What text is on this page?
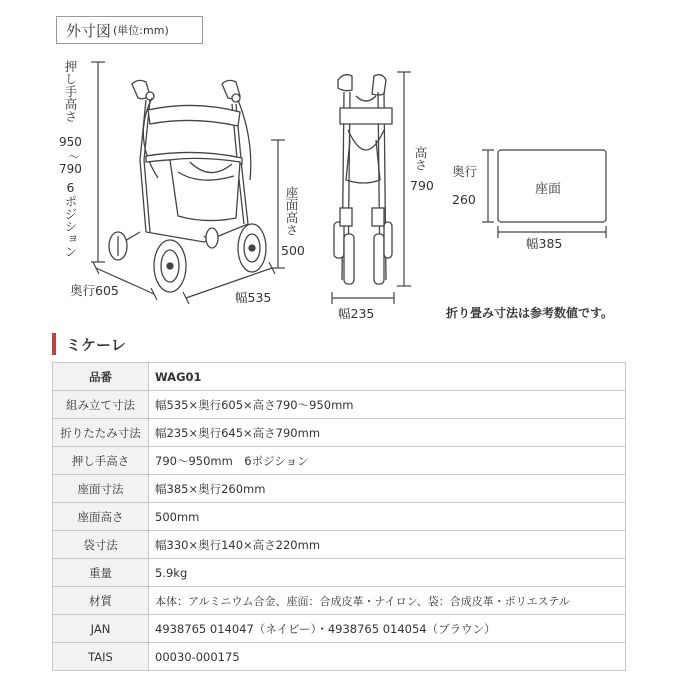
外寸図 (単位:mm)
押し手高さ
950
〜
790
6ポジション	座面高さ
500
奥行605	幅535
高さ
790
幅235
奥行
260
座面
幅385
折り畳み寸法は参考数値です。
ミケーレ
品番	WAG01
組み立て寸法	幅535×奥行605×高さ790〜950mm
折りたたみ寸法	幅235×奥行645×高さ790mm
押し手高さ	790〜950mm　6ポジション
座面寸法	幅385×奥行260mm
座面高さ	500mm
袋寸法	幅330×奥行140×高さ220mm
重量	5.9kg
材質	本体：アルミニウム合金、座面：合成皮革・ナイロン、袋：合成皮革・ポリエステル
JAN	4938765 014047（ネイビー）・4938765 014054（ブラウン）
TAIS	00030-000175
